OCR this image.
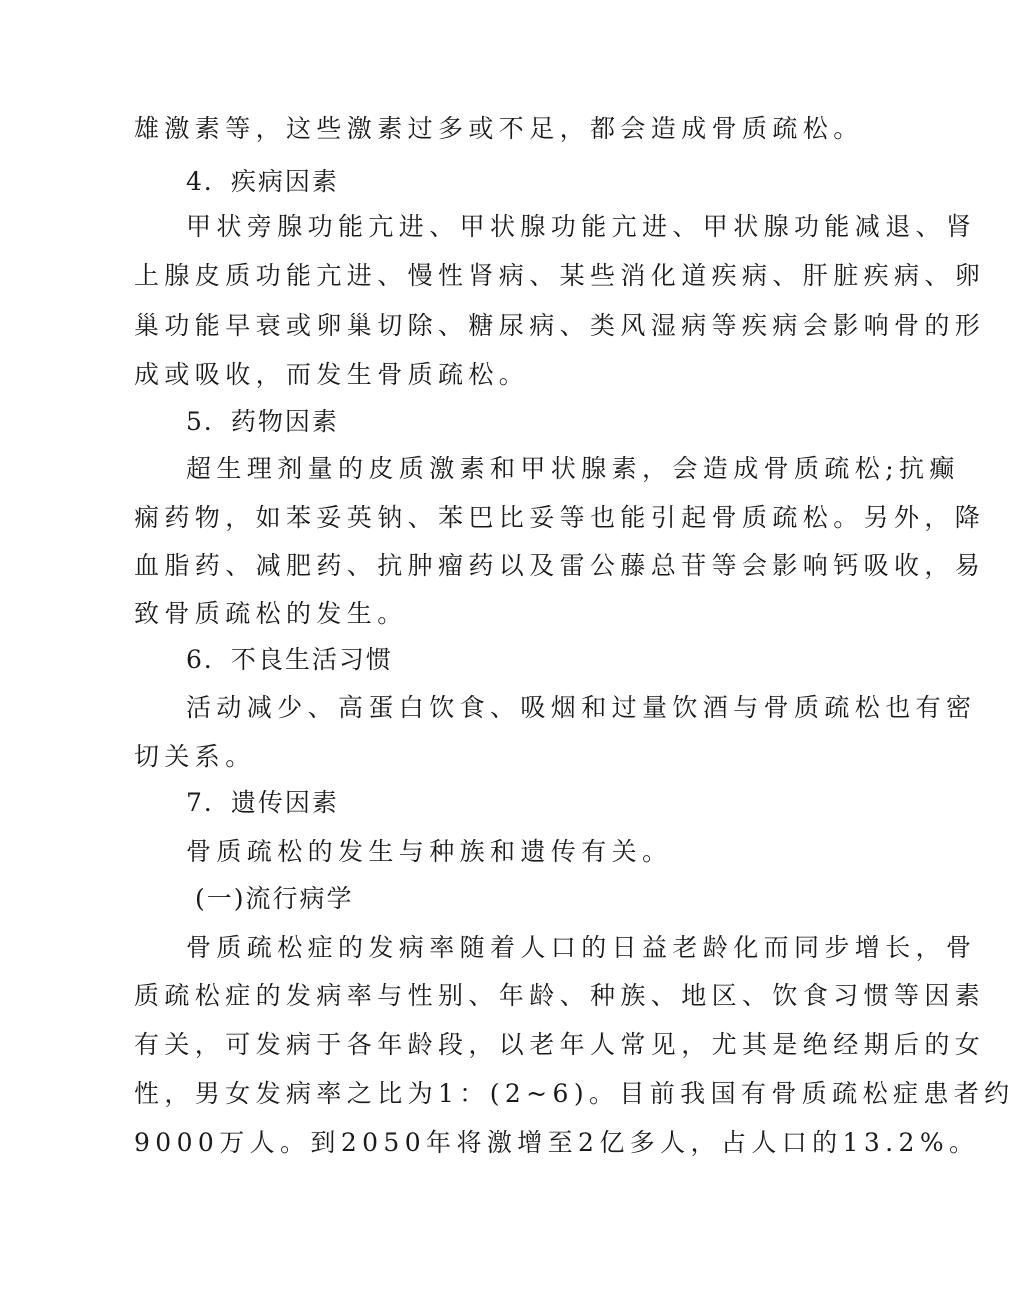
雄激素等，这些激素过多或不足，都会造成骨质疏松。
4．疾病因素
甲状旁腺功能亢进、甲状腺功能亢进、甲状腺功能减退、肾
上腺皮质功能亢进、慢性肾病、某些消化道疾病、肝脏疾病、卵
巢功能早衰或卵巢切除、糖尿病、类风湿病等疾病会影响骨的形
成或吸收，而发生骨质疏松。
5．药物因素
超生理剂量的皮质激素和甲状腺素，会造成骨质疏松;抗癫
痫药物，如苯妥英钠、苯巴比妥等也能引起骨质疏松。另外，降
血脂药、减肥药、抗肿瘤药以及雷公藤总苷等会影响钙吸收，易
致骨质疏松的发生。
6．不良生活习惯
活动减少、高蛋白饮食、吸烟和过量饮酒与骨质疏松也有密
切关系。
7．遗传因素
骨质疏松的发生与种族和遗传有关。
(一)流行病学
骨质疏松症的发病率随着人口的日益老龄化而同步增长，骨
质疏松症的发病率与性别、年龄、种族、地区、饮食习惯等因素
有关，可发病于各年龄段，以老年人常见，尤其是绝经期后的女
性，男女发病率之比为1：(2~6)。目前我国有骨质疏松症患者约
9000万人。到2050年将激增至2亿多人，占人口的13.2%。
